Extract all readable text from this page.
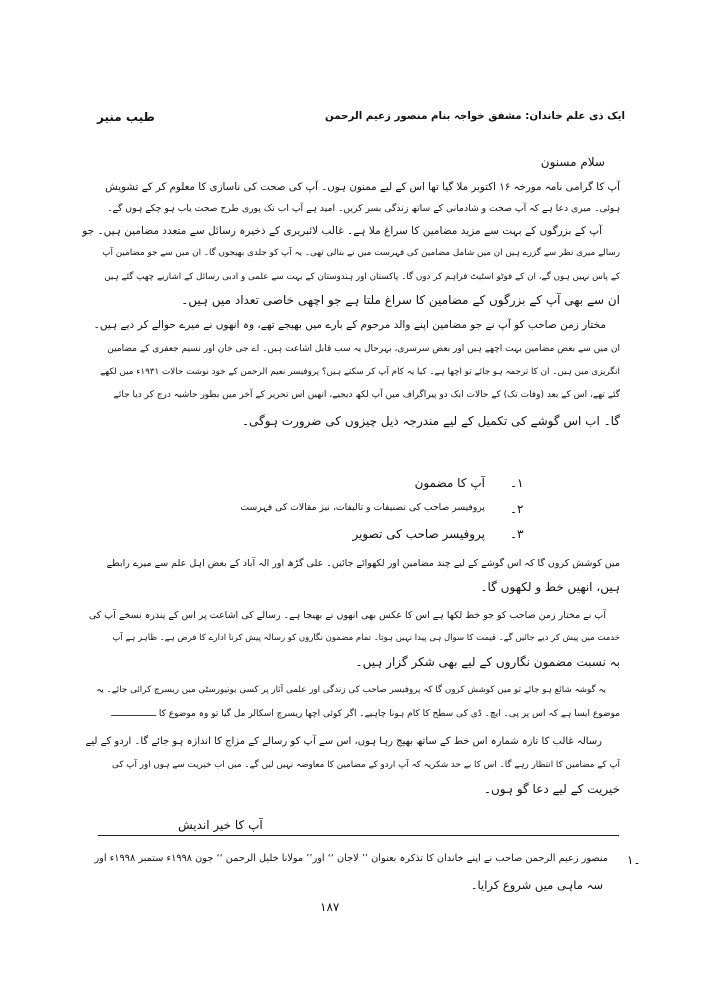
ایک ذی علم خاندان: مشفق خواجہ بنام منصور زعیم الرحمن
طیب منیر
سلام مسنون
آپ کا گرامی نامہ مورخہ ۱۶ اکتوبر ملا گیا تھا اس کے لیے ممنون ہوں۔ آپ کی صحت کی ناسازی کا معلوم کر کے تشویش
ہوئی۔ میری دعا ہے کہ آپ صحت و شادمانی کے ساتھ زندگی بسر کریں۔ امید ہے آپ اب تک پوری طرح صحت یاب ہو چکے ہوں گے۔
آپ کے بزرگوں کے بہت سے مزید مضامین کا سراغ ملا ہے۔ غالب لائبریری کے ذخیرہ رسائل سے متعدد مضامین ہیں۔ جو
رسالے میری نظر سے گزرے ہیں ان میں شامل مضامین کی فہرست میں نے بنالی تھی۔ یہ آپ کو جلدی بھیجوں گا۔ ان میں سے جو مضامین آپ
کے پاس نہیں ہوں گے، ان کے فوٹو اسٹیٹ فراہم کر دوں گا۔ پاکستان اور ہندوستان کے بہت سے علمی و ادبی رسائل کے اشاریے چھپ گئے ہیں
ان سے بھی آپ کے بزرگوں کے مضامین کا سراغ ملتا ہے جو اچھی خاصی تعداد میں ہیں۔
مختار زمن صاحب کو آپ نے جو مضامین اپنے والد مرحوم کے بارے میں بھیجے تھے، وہ انھوں نے میرے حوالے کر دیے ہیں۔
ان میں سے بعض مضامین بہت اچھے ہیں اور بعض سرسری، بہرحال یہ سب قابل اشاعت ہیں۔ اے جی خان اور نسیم جعفری کے مضامین
انگریزی میں ہیں۔ ان کا ترجمہ ہو جائے تو اچھا ہے۔ کیا یہ کام آپ کر سکتے ہیں؟ پروفیسر نعیم الرحمن کے خود نوشت حالات ۱۹۳۱ء میں لکھے
گئے تھے، اس کے بعد (وفات تک) کے حالات ایک دو پیراگراف میں آپ لکھ دیجیے، انھیں اس تحریر کے آخر میں بطور حاشیہ درج کر دیا جائے
گا۔ اب اس گوشے کی تکمیل کے لیے مندرجہ ذیل چیزوں کی ضرورت ہوگی۔
۱۔
آپ کا مضمون
۲۔
پروفیسر صاحب کی تصنیفات و تالیفات، نیز مقالات کی فہرست
۳۔
پروفیسر صاحب کی تصویر
میں کوشش کروں گا کہ اس گوشے کے لیے چند مضامین اور لکھوائے جائیں۔ علی گڑھ اور الہ آباد کے بعض اہل علم سے میرے رابطے
ہیں، انھیں خط و لکھوں گا۔
آپ نے مختار زمن صاحب کو جو خط لکھا ہے اس کا عکس بھی انھوں نے بھیجا ہے۔ رسالے کی اشاعت پر اس کے پندرہ نسخے آپ کی
خدمت میں پیش کر دیے جائیں گے۔ قیمت کا سوال ہی پیدا نہیں ہوتا۔ تمام مضمون نگاروں کو رسالہ پیش کرنا ادارے کا فرض ہے۔ ظاہر ہے آپ
بہ نسبت مضمون نگاروں کے لیے بھی شکر گزار ہیں۔
یہ گوشہ شائع ہو جائے تو میں کوشش کروں گا کہ پروفیسر صاحب کی زندگی اور علمی آثار پر کسی یونیورسٹی میں ریسرچ کرائی جائے۔ یہ
موضوع ایسا ہے کہ اس پر پی۔ ایچ۔ ڈی کی سطح کا کام ہونا چاہیے۔ اگر کوئی اچھا ریسرچ اسکالر مل گیا تو وہ موضوع کا ـــــــــــــــــ
رسالہ غالب کا تازہ شمارہ اس خط کے ساتھ بھیج رہا ہوں، اس سے آپ کو رسالے کے مزاج کا اندازہ ہو جائے گا۔ اردو کے لیے
آپ کے مضامین کا انتظار رہے گا۔ اس کا بے حد شکریہ کہ آپ اردو کے مضامین کا معاوضہ نہیں لیں گے۔ میں اب خیریت سے ہوں اور آپ کی
خیریت کے لیے دعا گو ہوں۔
آپ کا خیر اندیش
۱۔
منصور زعیم الرحمن صاحب نے اپنے خاندان کا تذکرہ بعنوان ’’ لاجان ‘‘ اور’’ مولانا خلیل الرحمن ‘‘ جون ۱۹۹۸ء ستمبر ۱۹۹۸ء اور
سہ ماہی میں شروع کرایا۔
۱۸۷
